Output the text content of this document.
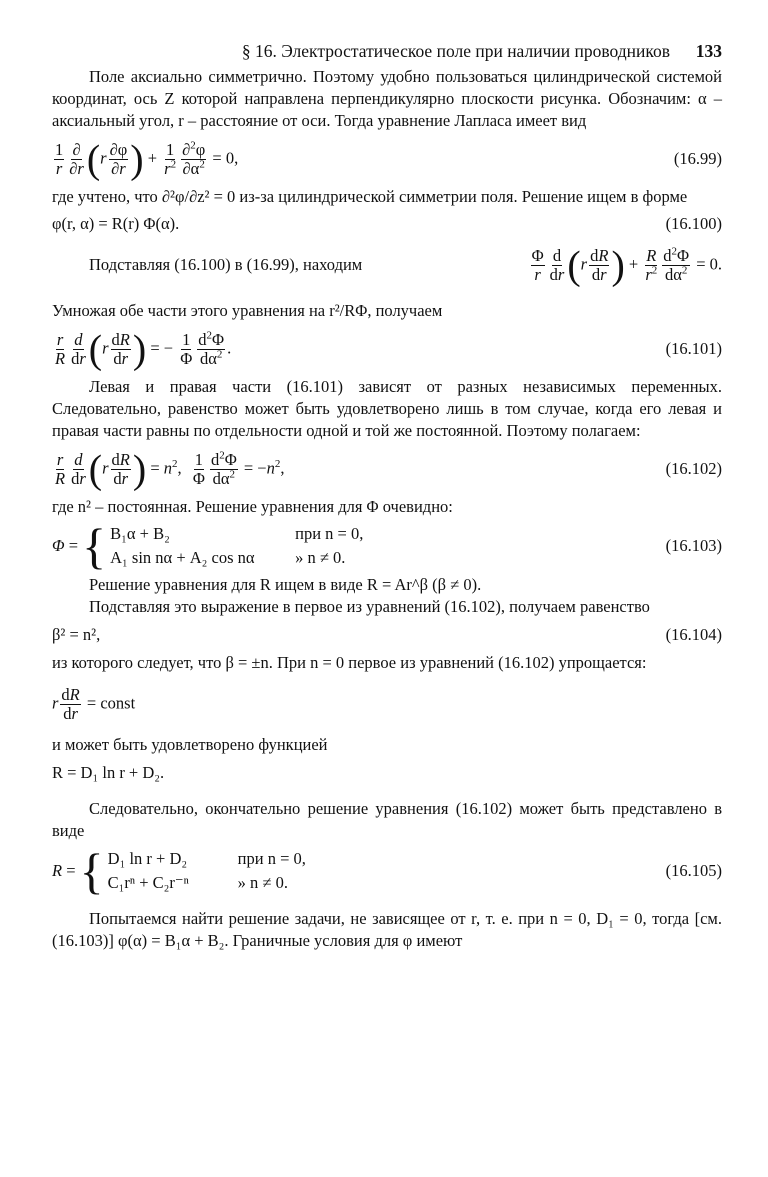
§ 16. Электростатическое поле при наличии проводников 133

Поле аксиально симметрично. Поэтому удобно пользоваться цилиндрической системой координат, ось Z которой направлена перпендикулярно плоскости рисунка. Обозначим: α – аксиальный угол, r – расстояние от оси. Тогда уравнение Лапласа имеет вид

$\frac{1}{r}$ ∂
∂r ($r \frac{\partial\varphi}{\partial r}$ ) + $\frac{1}{r^2} \frac{\partial^2\varphi}{\partial\alpha^2} = 0$,	(16.99)

где учтено, что ∂²φ/∂z² = 0 из-за цилиндрической симметрии поля. Решение ищем в форме

φ(r, α) = R(r) Φ(α).	(16.100)
Подставляя (16.100) в (16.99), находим	$\frac{\Phi}{r} \frac{d}{dr} (r \frac{dR}{dr}$ ) + $\frac{R}{r^2} \frac{d^2\Phi}{d\alpha^2} = 0$.

Умножая обе части этого уравнения на r²/RΦ, получаем

$\frac{r}{R} \frac{d}{dr} (r \frac{dR}{dr}$ ) = − $\frac{1}{\Phi} \frac{d^2\Phi}{d\alpha^2}$ .	(16.101)

Левая и правая части (16.101) зависят от разных независимых переменных. Следовательно, равенство может быть удовлетворено лишь в том случае, когда его левая и правая части равны по отдельности одной и той же постоянной. Поэтому полагаем:

$\frac{r}{R} \frac{d}{dr} (r \frac{dR}{dr}$ ) = $n^2$, $\frac{1}{\Phi} \frac{d^2\Phi}{d\alpha^2} = -n^2$,	(16.102)

где n² – постоянная. Решение уравнения для Φ очевидно:

Φ = { B₁α + B₂	при n = 0,
A₁ sin nα + A₂ cos nα	» n ≠ 0.
(16.103)

Решение уравнения для R ищем в виде R = Ar^β (β ≠ 0).

Подставляя это выражение в первое из уравнений (16.102), получаем равенство

β² = n²,	(16.104)

из которого следует, что β = ±n. При n = 0 первое из уравнений (16.102) упрощается:

r $\frac{dR}{dr}$ = const

и может быть удовлетворено функцией

R = D₁ ln r + D₂.

Следовательно, окончательно решение уравнения (16.102) может быть представлено в виде

R = { D₁ ln r + D₂	при n = 0,
C₁rⁿ + C₂r⁻ⁿ	» n ≠ 0.
(16.105)

Попытаемся найти решение задачи, не зависящее от r, т. е. при n = 0, D₁ = 0, тогда [см. (16.103)] φ(α) = B₁α + B₂. Граничные условия для φ имеют
